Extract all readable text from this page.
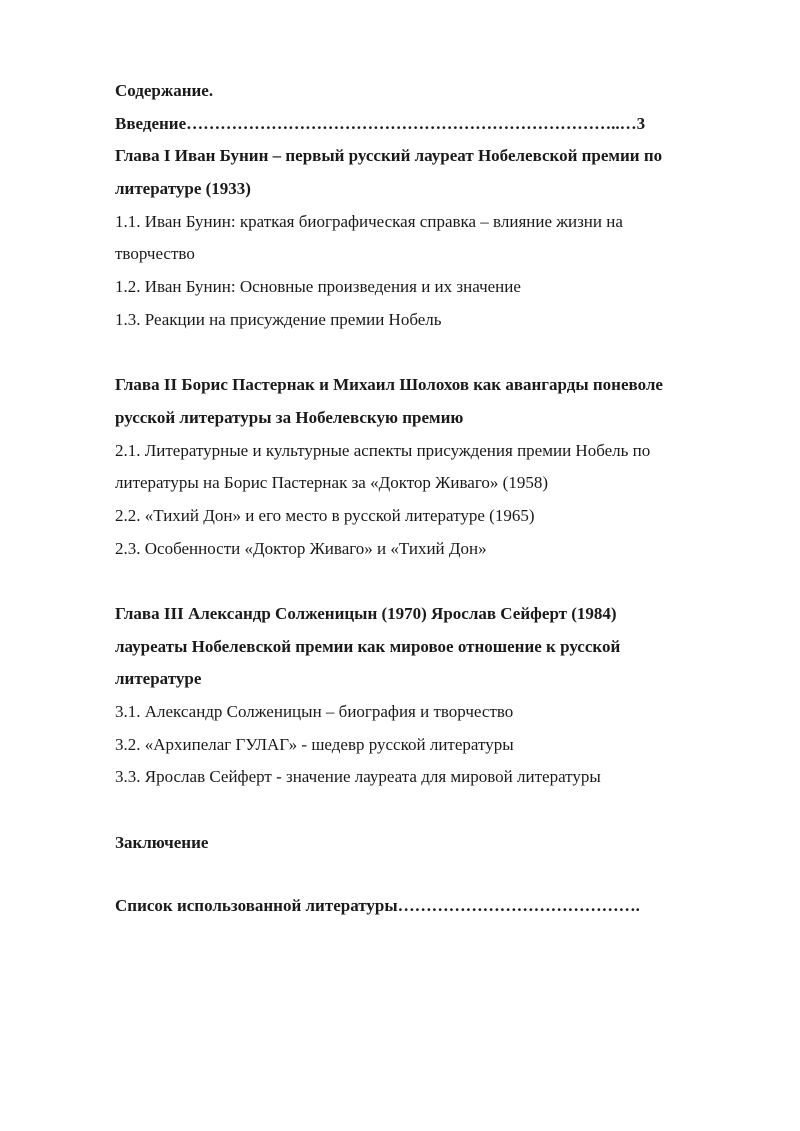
Содержание.
Введение…………………………………………………………………..…3
Глава I Иван Бунин – первый русский лауреат Нобелевской премии по
литературе (1933)
1.1. Иван Бунин: краткая биографическая справка – влияние жизни на
творчество
1.2. Иван Бунин: Основные произведения и их значение
1.3. Реакции на присуждение премии Нобель
Глава II Борис Пастернак и Михаил Шолохов как авангарды поневоле
русской литературы за Нобелевскую премию
2.1. Литературные и культурные аспекты присуждения премии Нобель по
литературы на Борис Пастернак за «Доктор Живаго» (1958)
2.2. «Тихий Дон» и его место в русской литературе (1965)
2.3. Особенности «Доктор Живаго» и «Тихий Дон»
Глава III Александр Солженицын (1970) Ярослав Сейферт (1984)
лауреаты Нобелевской премии как мировое отношение к русской
литературе
3.1. Александр Солженицын – биография и творчество
3.2. «Архипелаг ГУЛАГ» - шедевр русской литературы
3.3. Ярослав Сейферт - значение лауреата для мировой литературы
Заключение
Список использованной литературы…………………………………….
